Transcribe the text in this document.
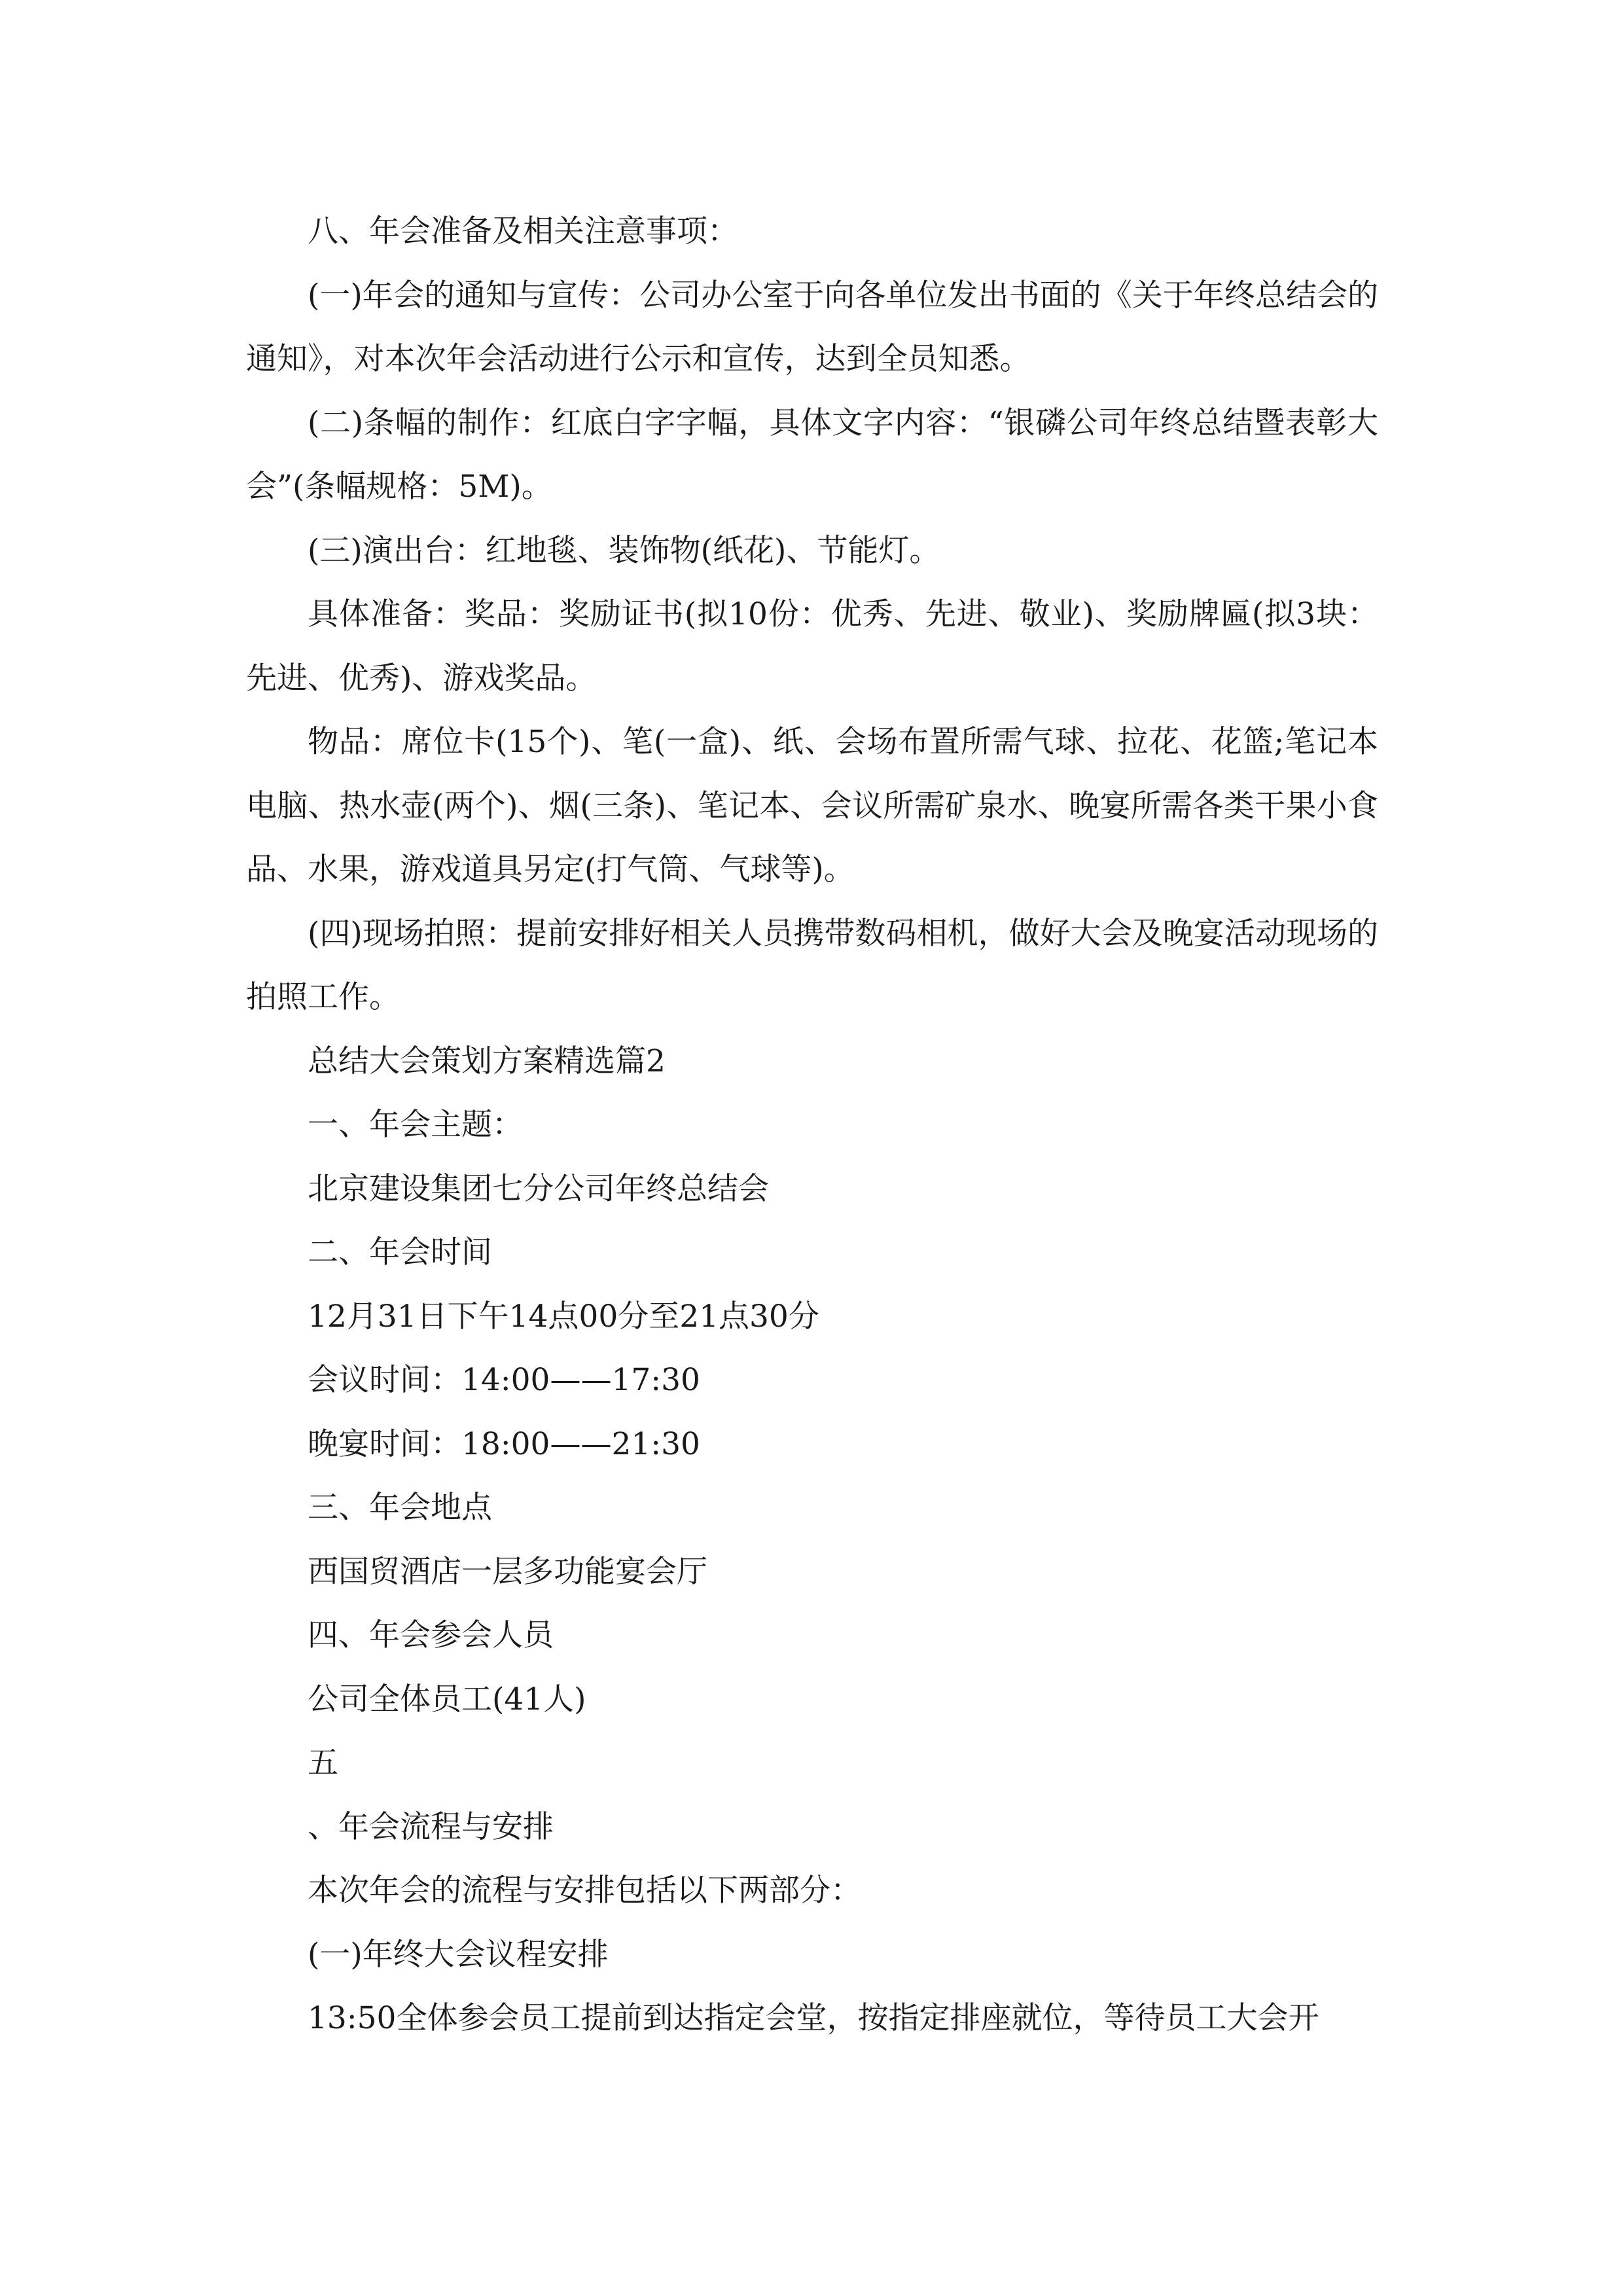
八、年会准备及相关注意事项：

(一)年会的通知与宣传：公司办公室于向各单位发出书面的《关于年终总结会的通知》，对本次年会活动进行公示和宣传，达到全员知悉。

(二)条幅的制作：红底白字字幅，具体文字内容：“银磷公司年终总结暨表彰大会”(条幅规格：5M)。

(三)演出台：红地毯、装饰物(纸花)、节能灯。

具体准备：奖品：奖励证书(拟10份：优秀、先进、敬业)、奖励牌匾(拟3块：先进、优秀)、游戏奖品。

物品：席位卡(15个)、笔(一盒)、纸、会场布置所需气球、拉花、花篮;笔记本电脑、热水壶(两个)、烟(三条)、笔记本、会议所需矿泉水、晚宴所需各类干果小食品、水果，游戏道具另定(打气筒、气球等)。

(四)现场拍照：提前安排好相关人员携带数码相机，做好大会及晚宴活动现场的拍照工作。

总结大会策划方案精选篇2

一、年会主题：

北京建设集团七分公司年终总结会

二、年会时间

12月31日下午14点00分至21点30分

会议时间：14:00——17:30

晚宴时间：18:00——21:30

三、年会地点

西国贸酒店一层多功能宴会厅

四、年会参会人员

公司全体员工(41人)

五

、年会流程与安排

本次年会的流程与安排包括以下两部分：

(一)年终大会议程安排

13:50全体参会员工提前到达指定会堂，按指定排座就位，等待员工大会开
